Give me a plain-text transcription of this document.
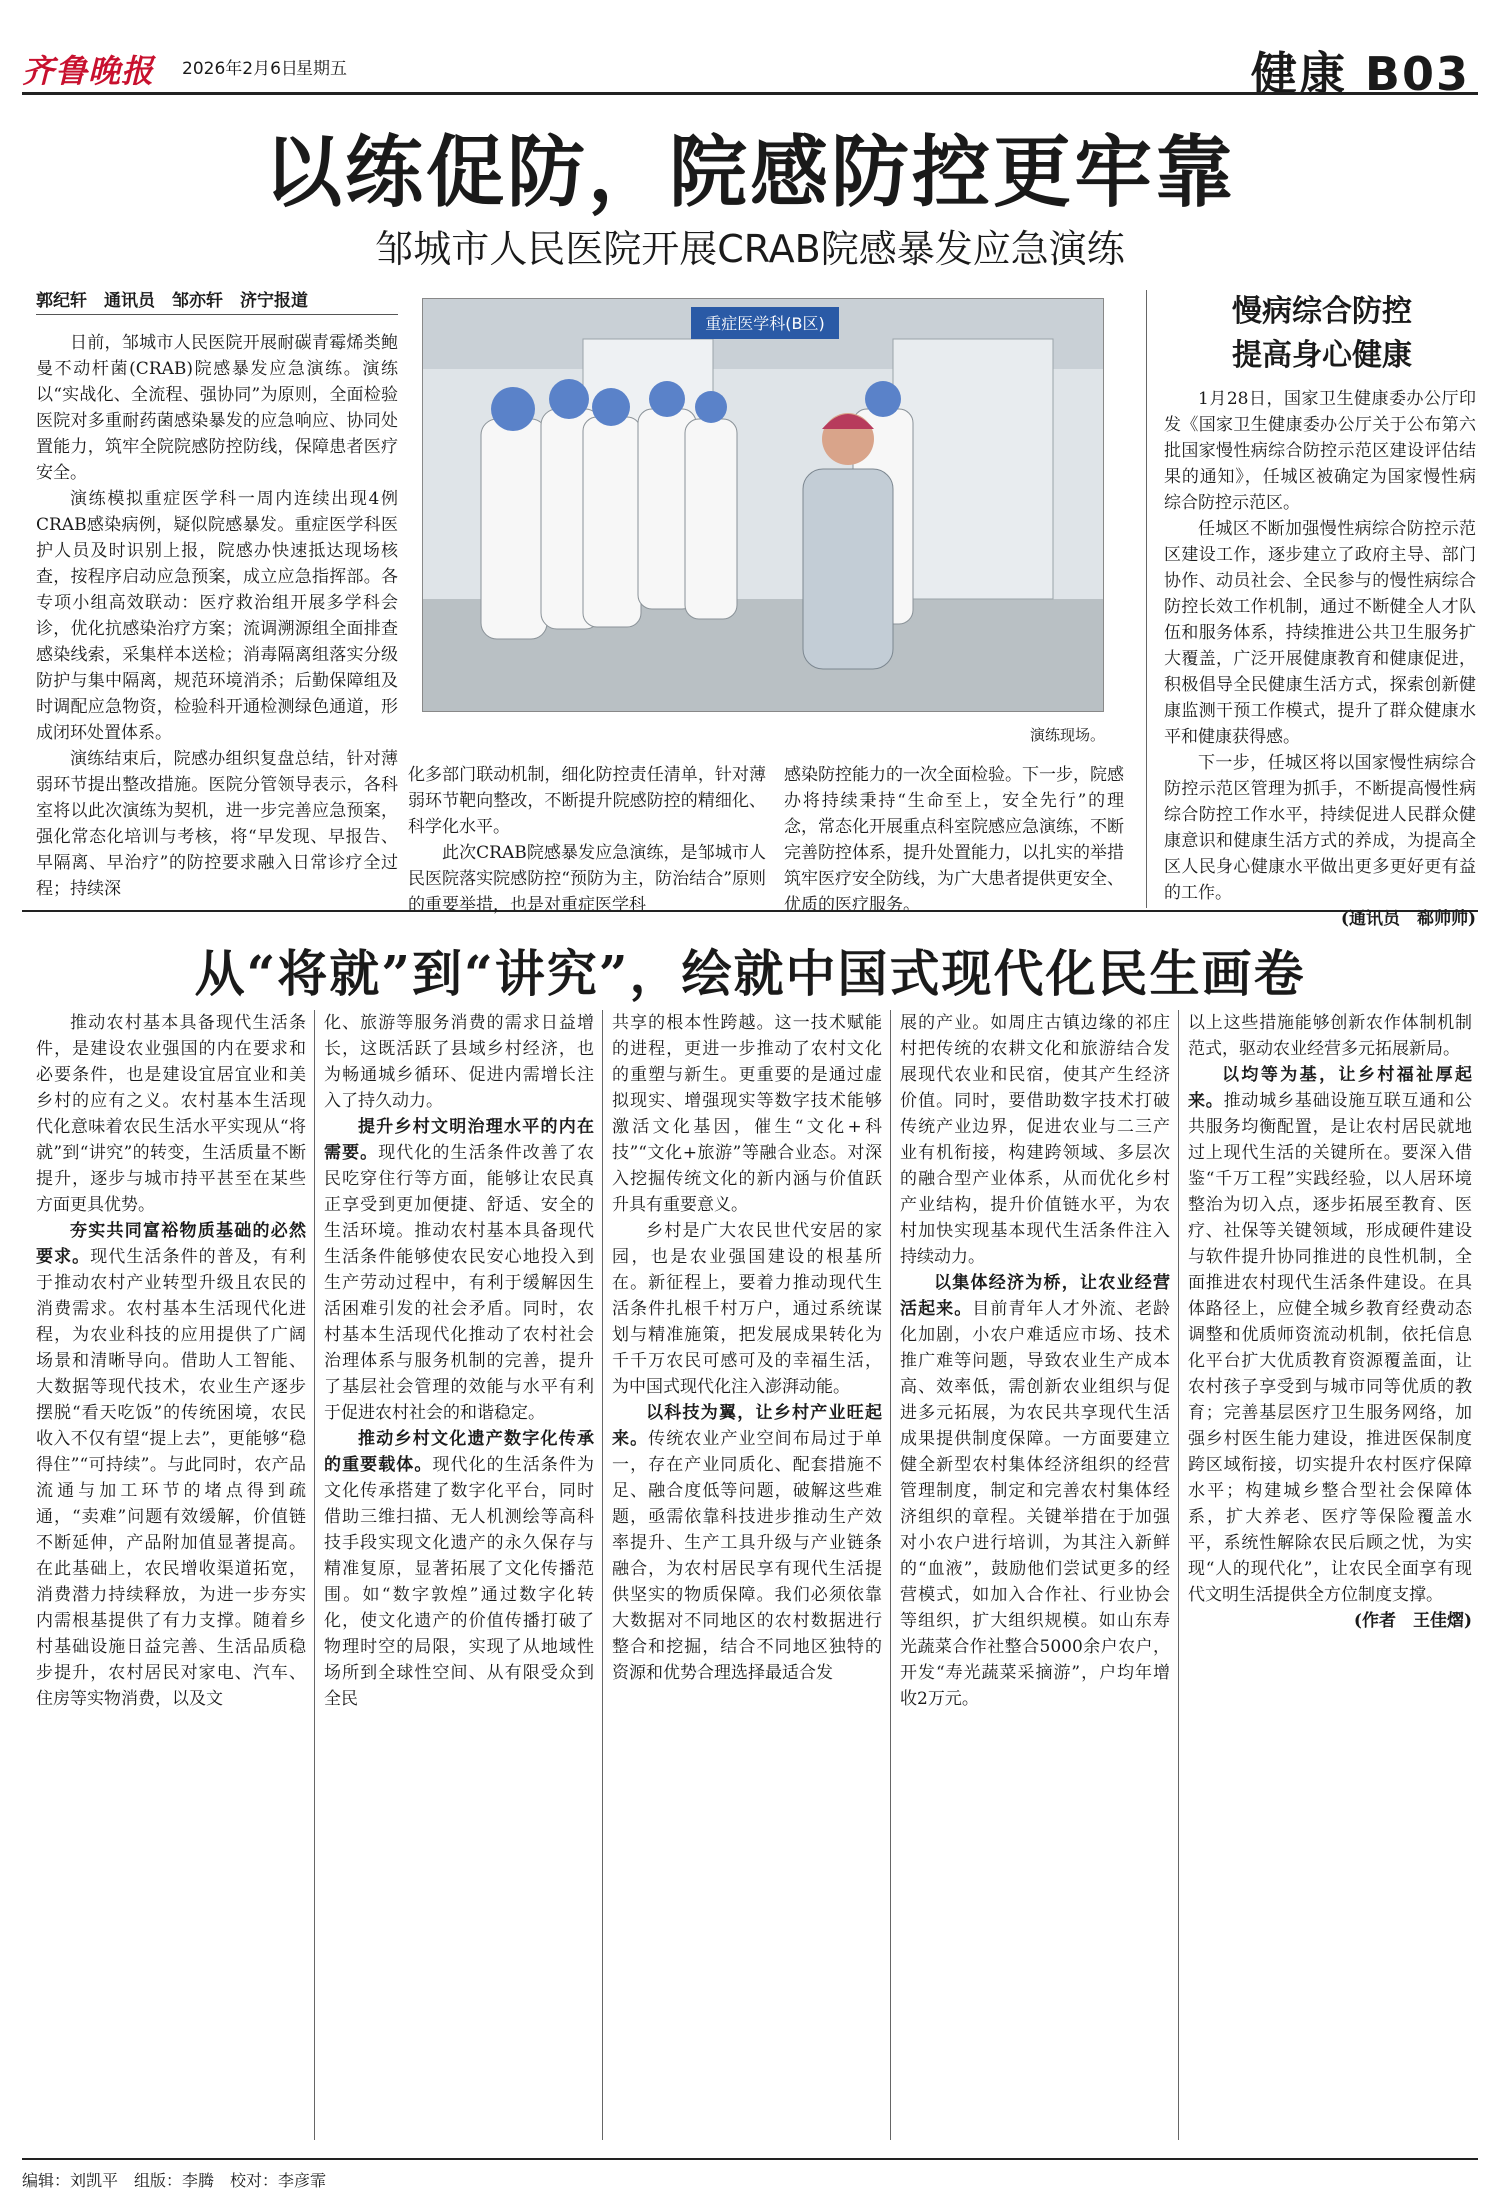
齐鲁晚报 2026年2月6日
星期五	健康 B03
以练促防，院感防控更牢靠
邹城市人民医院开展CRAB院感暴发应急演练
郭纪轩　通讯员　邹亦轩　济宁报道

日前，邹城市人民医院开展耐碳青霉烯类鲍曼不动杆菌(CRAB)院感暴发应急演练。演练以“实战化、全流程、强协同”为原则，全面检验医院对多重耐药菌感染暴发的应急响应、协同处置能力，筑牢全院院感防控防线，保障患者医疗安全。

演练模拟重症医学科一周内连续出现4例CRAB感染病例，疑似院感暴发。重症医学科医护人员及时识别上报，院感办快速抵达现场核查，按程序启动应急预案，成立应急指挥部。各专项小组高效联动：医疗救治组开展多学科会诊，优化抗感染治疗方案；流调溯源组全面排查感染线索，采集样本送检；消毒隔离组落实分级防护与集中隔离，规范环境消杀；后勤保障组及时调配应急物资，检验科开通检测绿色通道，形成闭环处置体系。

演练结束后，院感办组织复盘总结，针对薄弱环节提出整改措施。医院分管领导表示，各科室将以此次演练为契机，进一步完善应急预案，强化常态化培训与考核，将“早发现、早报告、早隔离、早治疗”的防控要求融入日常诊疗全过程；持续深

重症医学科(B区)
演练现场。

化多部门联动机制，细化防控责任清单，针对薄弱环节靶向整改，不断提升院感防控的精细化、科学化水平。

此次CRAB院感暴发应急演练，是邹城市人民医院落实院感防控“预防为主，防治结合”原则的重要举措，也是对重症医学科

感染防控能力的一次全面检验。下一步，院感办将持续秉持“生命至上，安全先行”的理念，常态化开展重点科室院感应急演练，不断完善防控体系，提升处置能力，以扎实的举措筑牢医疗安全防线，为广大患者提供更安全、优质的医疗服务。

慢病综合防控
提高身心健康

1月28日，国家卫生健康委办公厅印发《国家卫生健康委办公厅关于公布第六批国家慢性病综合防控示范区建设评估结果的通知》，任城区被确定为国家慢性病综合防控示范区。

任城区不断加强慢性病综合防控示范区建设工作，逐步建立了政府主导、部门协作、动员社会、全民参与的慢性病综合防控长效工作机制，通过不断健全人才队伍和服务体系，持续推进公共卫生服务扩大覆盖，广泛开展健康教育和健康促进，积极倡导全民健康生活方式，探索创新健康监测干预工作模式，提升了群众健康水平和健康获得感。

下一步，任城区将以国家慢性病综合防控示范区管理为抓手，不断提高慢性病综合防控工作水平，持续促进人民群众健康意识和健康生活方式的养成，为提高全区人民身心健康水平做出更多更好更有益的工作。

(通讯员　郗帅帅)

从“将就”到“讲究”，绘就中国式现代化民生画卷

推动农村基本具备现代生活条件，是建设农业强国的内在要求和必要条件，也是建设宜居宜业和美乡村的应有之义。农村基本生活现代化意味着农民生活水平实现从“将就”到“讲究”的转变，生活质量不断提升，逐步与城市持平甚至在某些方面更具优势。

夯实共同富裕物质基础的必然要求。现代生活条件的普及，有利于推动农村产业转型升级且农民的消费需求。农村基本生活现代化进程，为农业科技的应用提供了广阔场景和清晰导向。借助人工智能、大数据等现代技术，农业生产逐步摆脱“看天吃饭”的传统困境，农民收入不仅有望“提上去”，更能够“稳得住”“可持续”。与此同时，农产品流通与加工环节的堵点得到疏通，“卖难”问题有效缓解，价值链不断延伸，产品附加值显著提高。在此基础上，农民增收渠道拓宽，消费潜力持续释放，为进一步夯实内需根基提供了有力支撑。随着乡村基础设施日益完善、生活品质稳步提升，农村居民对家电、汽车、住房等实物消费，以及文

化、旅游等服务消费的需求日益增长，这既活跃了县域乡村经济，也为畅通城乡循环、促进内需增长注入了持久动力。

提升乡村文明治理水平的内在需要。现代化的生活条件改善了农民吃穿住行等方面，能够让农民真正享受到更加便捷、舒适、安全的生活环境。推动农村基本具备现代生活条件能够使农民安心地投入到生产劳动过程中，有利于缓解因生活困难引发的社会矛盾。同时，农村基本生活现代化推动了农村社会治理体系与服务机制的完善，提升了基层社会管理的效能与水平有利于促进农村社会的和谐稳定。

推动乡村文化遗产数字化传承的重要载体。现代化的生活条件为文化传承搭建了数字化平台，同时借助三维扫描、无人机测绘等高科技手段实现文化遗产的永久保存与精准复原，显著拓展了文化传播范围。如“数字敦煌”通过数字化转化，使文化遗产的价值传播打破了物理时空的局限，实现了从地域性场所到全球性空间、从有限受众到全民

共享的根本性跨越。这一技术赋能的进程，更进一步推动了农村文化的重塑与新生。更重要的是通过虚拟现实、增强现实等数字技术能够激活文化基因，催生“文化+科技”“文化+旅游”等融合业态。对深入挖掘传统文化的新内涵与价值跃升具有重要意义。

乡村是广大农民世代安居的家园，也是农业强国建设的根基所在。新征程上，要着力推动现代生活条件扎根千村万户，通过系统谋划与精准施策，把发展成果转化为千千万农民可感可及的幸福生活，为中国式现代化注入澎湃动能。

以科技为翼，让乡村产业旺起来。传统农业产业空间布局过于单一，存在产业同质化、配套措施不足、融合度低等问题，破解这些难题，亟需依靠科技进步推动生产效率提升、生产工具升级与产业链条融合，为农村居民享有现代生活提供坚实的物质保障。我们必须依靠大数据对不同地区的农村数据进行整合和挖掘，结合不同地区独特的资源和优势合理选择最适合发

展的产业。如周庄古镇边缘的祁庄村把传统的农耕文化和旅游结合发展现代农业和民宿，使其产生经济价值。同时，要借助数字技术打破传统产业边界，促进农业与二三产业有机衔接，构建跨领域、多层次的融合型产业体系，从而优化乡村产业结构，提升价值链水平，为农村加快实现基本现代生活条件注入持续动力。

以集体经济为桥，让农业经营活起来。目前青年人才外流、老龄化加剧，小农户难适应市场、技术推广难等问题，导致农业生产成本高、效率低，需创新农业组织与促进多元拓展，为农民共享现代生活成果提供制度保障。一方面要建立健全新型农村集体经济组织的经营管理制度，制定和完善农村集体经济组织的章程。关键举措在于加强对小农户进行培训，为其注入新鲜的“血液”，鼓励他们尝试更多的经营模式，如加入合作社、行业协会等组织，扩大组织规模。如山东寿光蔬菜合作社整合5000余户农户，开发“寿光蔬菜采摘游”，户均年增收2万元。

以上这些措施能够创新农作体制机制范式，驱动农业经营多元拓展新局。

以均等为基，让乡村福祉厚起来。推动城乡基础设施互联互通和公共服务均衡配置，是让农村居民就地过上现代生活的关键所在。要深入借鉴“千万工程”实践经验，以人居环境整治为切入点，逐步拓展至教育、医疗、社保等关键领域，形成硬件建设与软件提升协同推进的良性机制，全面推进农村现代生活条件建设。在具体路径上，应健全城乡教育经费动态调整和优质师资流动机制，依托信息化平台扩大优质教育资源覆盖面，让农村孩子享受到与城市同等优质的教育；完善基层医疗卫生服务网络，加强乡村医生能力建设，推进医保制度跨区域衔接，切实提升农村医疗保障水平；构建城乡整合型社会保障体系，扩大养老、医疗等保险覆盖水平，系统性解除农民后顾之忧，为实现“人的现代化”，让农民全面享有现代文明生活提供全方位制度支撑。

(作者　王佳熠)

编辑：刘凯平　组版：李腾　校对：李彦霏
